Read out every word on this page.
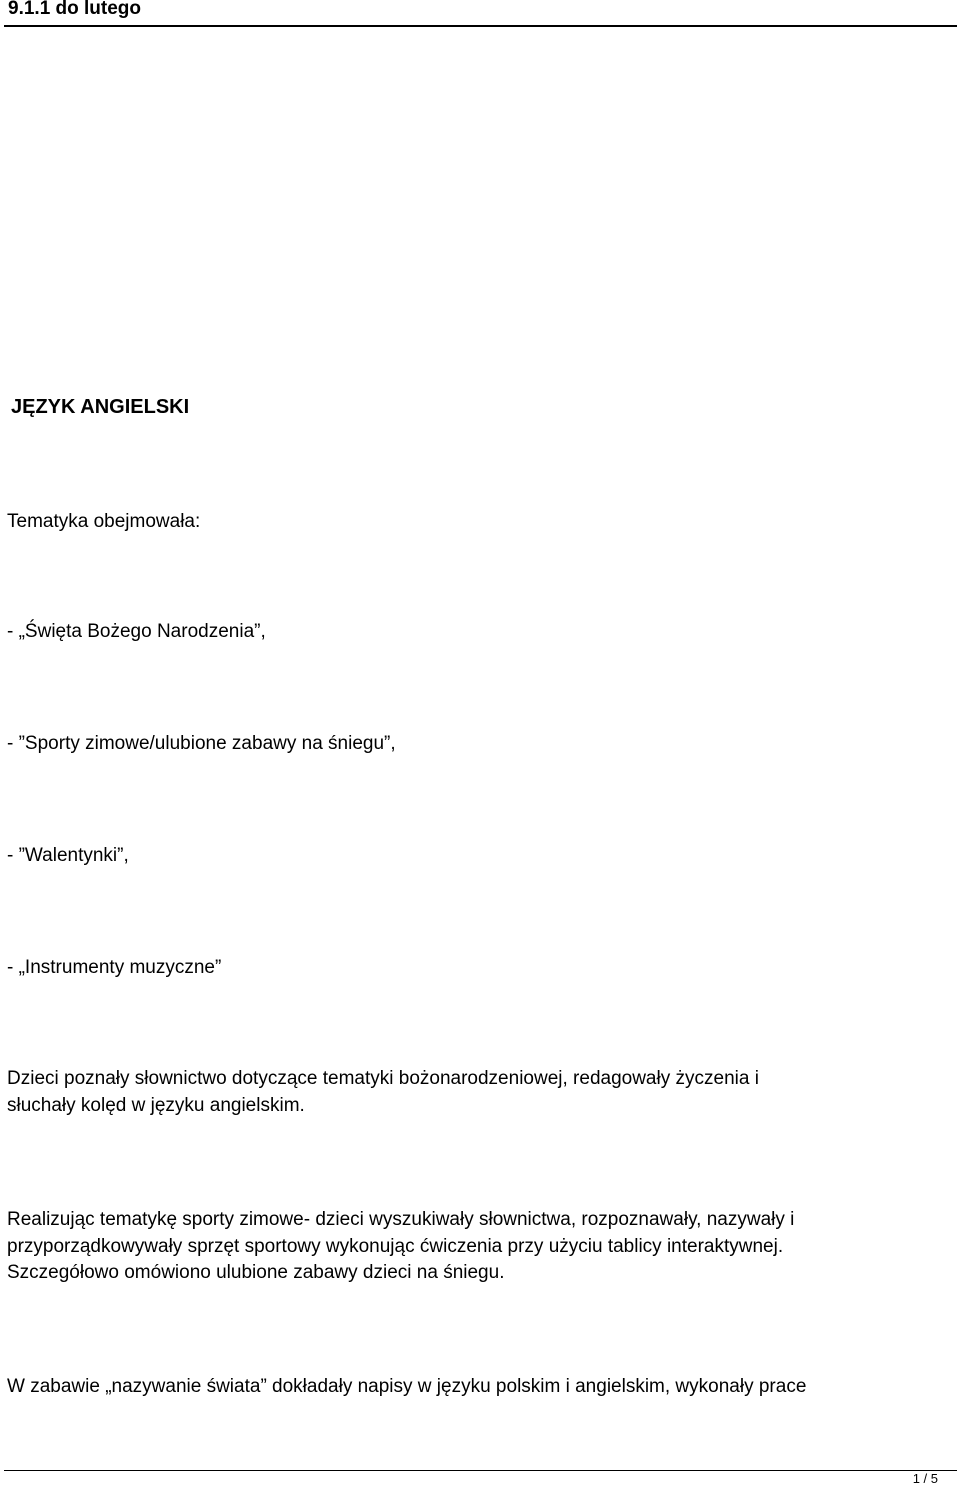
9.1.1 do lutego
JĘZYK ANGIELSKI
Tematyka obejmowała:
- „Święta Bożego Narodzenia”,
- ”Sporty zimowe/ulubione zabawy na śniegu”,
- ”Walentynki”,
- „Instrumenty muzyczne”
Dzieci poznały słownictwo dotyczące tematyki bożonarodzeniowej, redagowały życzenia i
słuchały kolęd w języku angielskim.
Realizując tematykę sporty zimowe- dzieci wyszukiwały słownictwa, rozpoznawały, nazywały i
przyporządkowywały sprzęt sportowy wykonując ćwiczenia przy użyciu tablicy interaktywnej.
Szczegółowo omówiono ulubione zabawy dzieci na śniegu.
W zabawie „nazywanie świata” dokładały napisy w języku polskim i angielskim, wykonały prace
1 / 5
